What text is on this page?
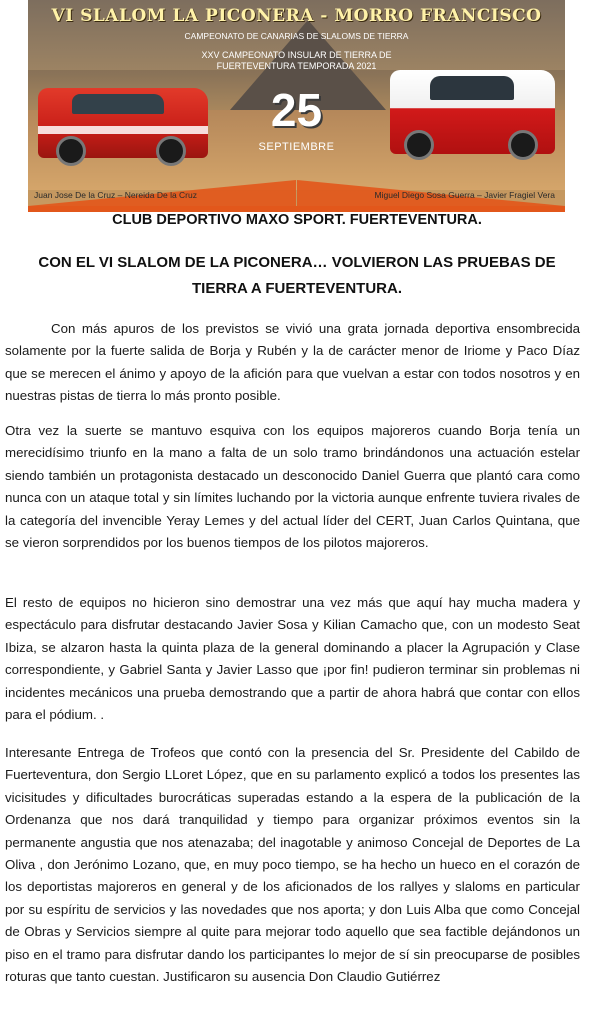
VI SLALOM LA PICONERA - MORRO FRANCISCO
CAMPEONATO DE CANARIAS DE SLALOMS DE TIERRA
XXV CAMPEONATO INSULAR DE TIERRA DE
FUERTEVENTURA TEMPORADA 2021
25
SEPTIEMBRE
Juan Jose De la Cruz – Nereida De la Cruz	Miguel Diego Sosa Guerra – Javier Fragiel Vera
CLUB DEPORTIVO MAXO SPORT. FUERTEVENTURA.
CON EL VI SLALOM DE LA PICONERA… VOLVIERON LAS PRUEBAS DE TIERRA A FUERTEVENTURA.
Con más apuros de los previstos se vivió una grata jornada deportiva ensombrecida solamente por la fuerte salida de Borja y Rubén y la de carácter menor de Iriome y Paco Díaz que se merecen el ánimo y apoyo de la afición para que vuelvan a estar con todos nosotros y en nuestras pistas de tierra lo más pronto posible.
Otra vez la suerte se mantuvo esquiva con los equipos majoreros cuando Borja tenía un merecidísimo triunfo en la mano a falta de un solo tramo brindándonos una actuación estelar siendo también un protagonista destacado un desconocido Daniel Guerra que plantó cara como nunca con un ataque total y sin límites luchando por la victoria aunque enfrente tuviera rivales de la categoría del invencible Yeray Lemes y del actual líder del CERT, Juan Carlos Quintana, que se vieron sorprendidos por los buenos tiempos de los pilotos majoreros.
El resto de equipos no hicieron sino demostrar una vez más que aquí hay mucha madera y espectáculo para disfrutar destacando Javier Sosa y Kilian Camacho que, con un modesto Seat Ibiza, se alzaron hasta la quinta plaza de la general dominando a placer la Agrupación y Clase correspondiente, y Gabriel Santa y Javier Lasso que ¡por fin! pudieron terminar sin problemas ni incidentes mecánicos una prueba demostrando que a partir de ahora habrá que contar con ellos para el pódium. .
Interesante Entrega de Trofeos que contó con la presencia del Sr. Presidente del Cabildo de Fuerteventura, don Sergio LLoret López, que en su parlamento explicó a todos los presentes las vicisitudes y dificultades burocráticas superadas estando a la espera de la publicación de la Ordenanza que nos dará tranquilidad y tiempo para organizar próximos eventos sin la permanente angustia que nos atenazaba; del inagotable y animoso Concejal de Deportes de La Oliva , don Jerónimo Lozano, que, en muy poco tiempo, se ha hecho un hueco en el corazón de los deportistas majoreros en general y de los aficionados de los rallyes y slaloms en particular por su espíritu de servicios y las novedades que nos aporta; y don Luis Alba que como Concejal de Obras y Servicios siempre al quite para mejorar todo aquello que sea factible dejándonos un piso en el tramo para disfrutar dando los participantes lo mejor de sí sin preocuparse de posibles roturas que tanto cuestan. Justificaron su ausencia Don Claudio Gutiérrez
